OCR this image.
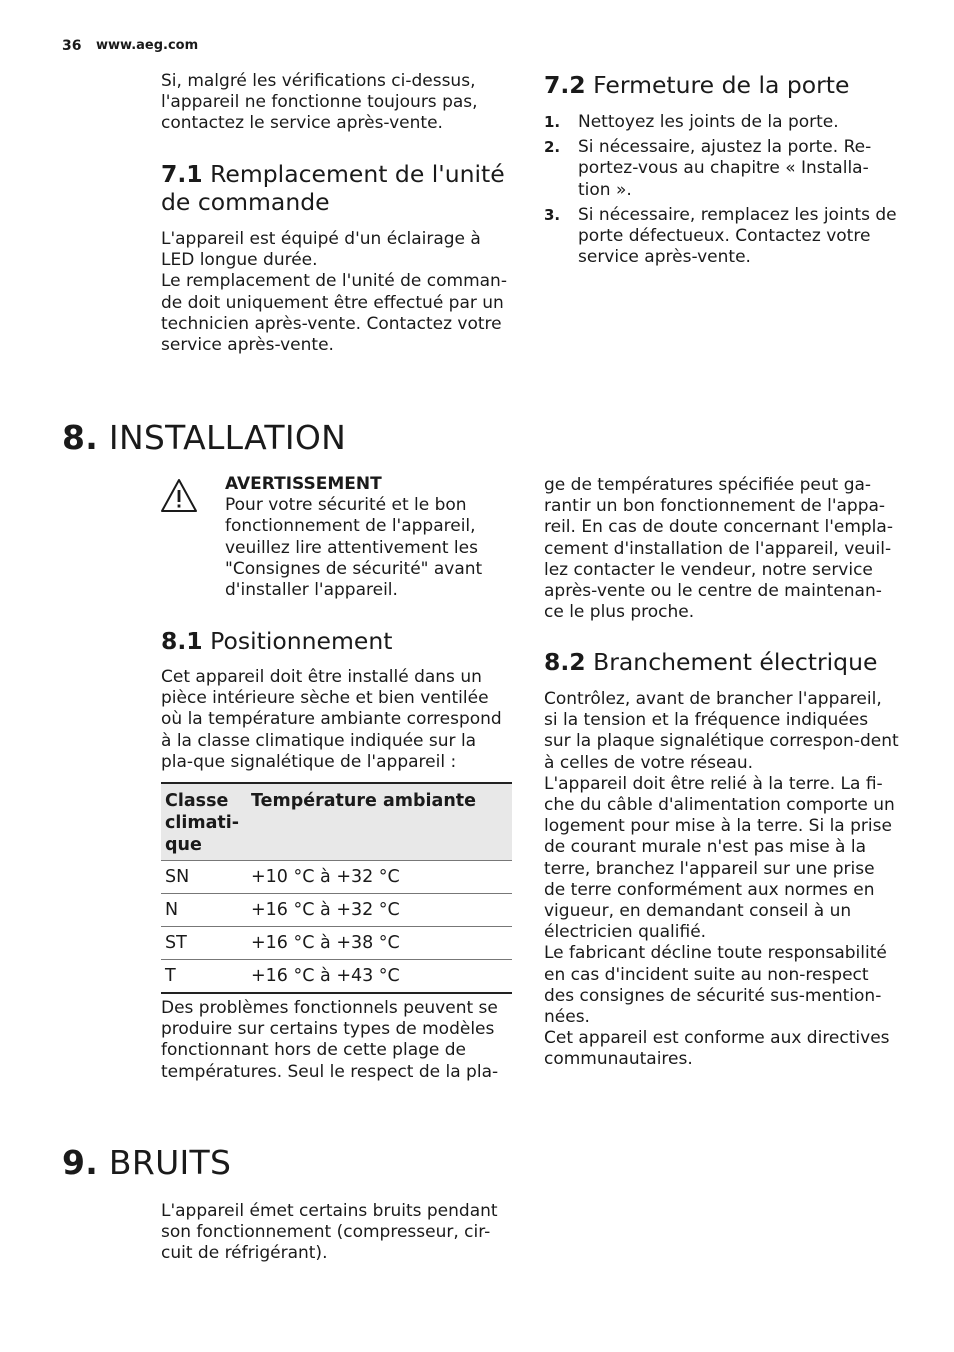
36 www.aeg.com
Si, malgré les vérifications ci-dessus, l'appareil ne fonctionne toujours pas, contactez le service après-vente.
7.1 Remplacement de l'unité
de commande

L'appareil est équipé d'un éclairage à LED longue durée.

Le remplacement de l'unité de comman-de doit uniquement être effectué par un technicien après-vente. Contactez votre service après-vente.

7.2 Fermeture de la porte
1. Nettoyez les joints de la porte.
2. Si nécessaire, ajustez la porte. Re-portez-vous au chapitre « Installa-tion ».
3. Si nécessaire, remplacez les joints de porte défectueux. Contactez votre service après-vente.
8. INSTALLATION
AVERTISSEMENT
Pour votre sécurité et le bon fonctionnement de l'appareil, veuillez lire attentivement les "Consignes de sécurité" avant d'installer l'appareil.
8.1 Positionnement
Cet appareil doit être installé dans un pièce intérieure sèche et bien ventilée où la température ambiante correspond à la classe climatique indiquée sur la pla-que signalétique de l'appareil :
Classe climati-que	Température ambiante
SN	+10 °C à +32 °C
N	+16 °C à +32 °C
ST	+16 °C à +38 °C
T	+16 °C à +43 °C
Des problèmes fonctionnels peuvent se produire sur certains types de modèles fonctionnant hors de cette plage de températures. Seul le respect de la pla-
ge de températures spécifiée peut ga-rantir un bon fonctionnement de l'appa-reil. En cas de doute concernant l'empla-cement d'installation de l'appareil, veuil-lez contacter le vendeur, notre service après-vente ou le centre de maintenan-ce le plus proche.
8.2 Branchement électrique

Contrôlez, avant de brancher l'appareil, si la tension et la fréquence indiquées sur la plaque signalétique correspon-dent à celles de votre réseau.

L'appareil doit être relié à la terre. La fi-che du câble d'alimentation comporte un logement pour mise à la terre. Si la prise de courant murale n'est pas mise à la terre, branchez l'appareil sur une prise de terre conformément aux normes en vigueur, en demandant conseil à un électricien qualifié.

Le fabricant décline toute responsabilité en cas d'incident suite au non-respect des consignes de sécurité sus-mention-nées.

Cet appareil est conforme aux directives communautaires.

9. BRUITS
L'appareil émet certains bruits pendant son fonctionnement (compresseur, cir-cuit de réfrigérant).
